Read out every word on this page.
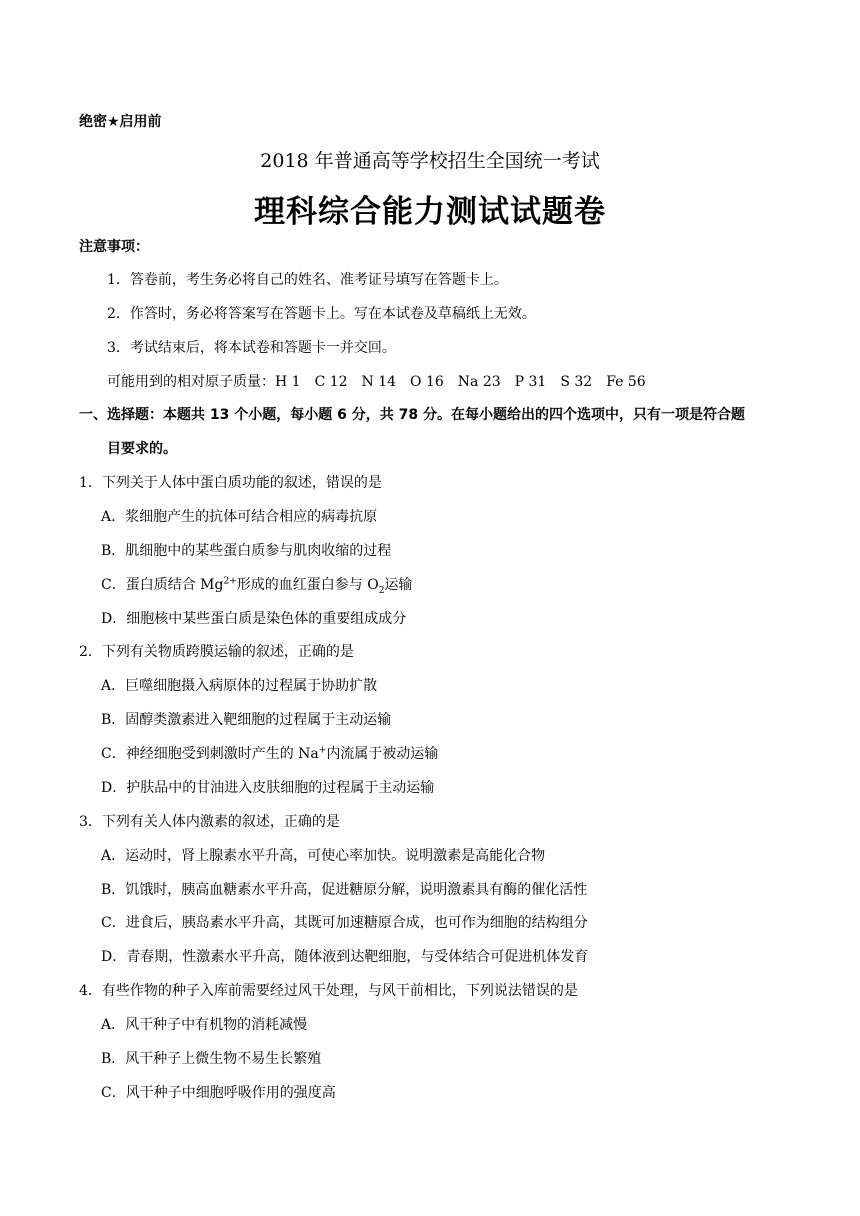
绝密★启用前
2018 年普通高等学校招生全国统一考试
理科综合能力测试试题卷
注意事项：
1．答卷前，考生务必将自己的姓名、准考证号填写在答题卡上。
2．作答时，务必将答案写在答题卡上。写在本试卷及草稿纸上无效。
3．考试结束后，将本试卷和答题卡一并交回。
可能用到的相对原子质量：H 1　C 12　N 14　O 16　Na 23　P 31　S 32　Fe 56
一、选择题：本题共 13 个小题，每小题 6 分，共 78 分。在每小题给出的四个选项中，只有一项是符合题
目要求的。
1．下列关于人体中蛋白质功能的叙述，错误的是
A．浆细胞产生的抗体可结合相应的病毒抗原
B．肌细胞中的某些蛋白质参与肌肉收缩的过程
C．蛋白质结合 $Mg^{2+}$形成的血红蛋白参与 $O_2$运输
D．细胞核中某些蛋白质是染色体的重要组成成分
2．下列有关物质跨膜运输的叙述，正确的是
A．巨噬细胞摄入病原体的过程属于协助扩散
B．固醇类激素进入靶细胞的过程属于主动运输
C．神经细胞受到刺激时产生的 Na+内流属于被动运输
D．护肤品中的甘油进入皮肤细胞的过程属于主动运输
3．下列有关人体内激素的叙述，正确的是
A．运动时，肾上腺素水平升高，可使心率加快。说明激素是高能化合物
B．饥饿时，胰高血糖素水平升高，促进糖原分解，说明激素具有酶的催化活性
C．进食后，胰岛素水平升高，其既可加速糖原合成，也可作为细胞的结构组分
D．青春期，性激素水平升高，随体液到达靶细胞，与受体结合可促进机体发育
4．有些作物的种子入库前需要经过风干处理，与风干前相比，下列说法错误的是
A．风干种子中有机物的消耗减慢
B．风干种子上微生物不易生长繁殖
C．风干种子中细胞呼吸作用的强度高
